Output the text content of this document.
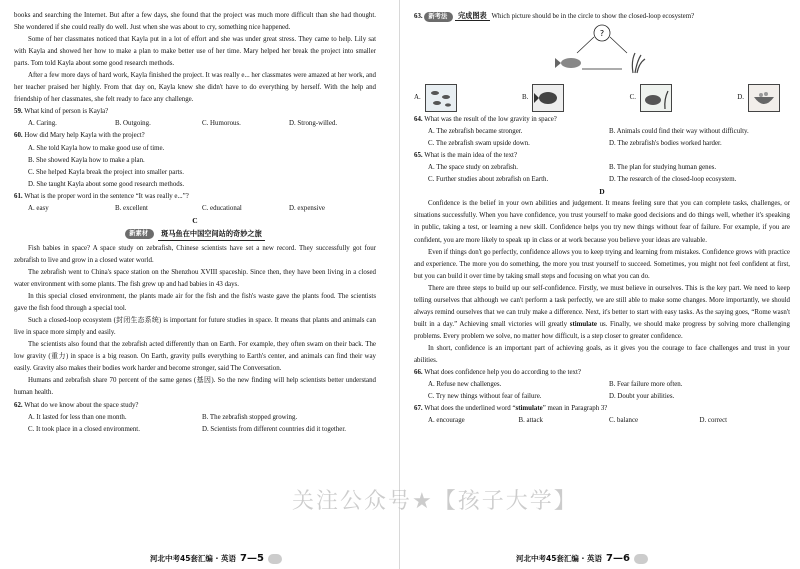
books and searching the Internet. But after a few days, she found that the project was much more difficult than she had thought. She wondered if she could really do well. Just when she was about to cry, something nice happened.

Some of her classmates noticed that Kayla put in a lot of effort and she was under great stress. They came to help. Lily sat with Kayla and showed her how to make a plan to make better use of her time. Mary helped her break the project into smaller parts. Tom told Kayla about some good research methods.

After a few more days of hard work, Kayla finished the project. It was really e... her classmates were amazed at her work, and her teacher praised her highly. From that day on, Kayla knew she didn't have to do everything by herself. With the help and friendship of her classmates, she felt ready to face any challenge.

59. What kind of person is Kayla?

A. Caring.	B. Outgoing.	C. Humorous.	D. Strong-willed.

60. How did Mary help Kayla with the project?

A. She told Kayla how to make good use of time.

B. She showed Kayla how to make a plan.

C. She helped Kayla break the project into smaller parts.

D. She taught Kayla about some good research methods.

61. What is the proper word in the sentence “It was really e...”?

A. easy	B. excellent	C. educational	D. expensive
C
新素材	斑马鱼在中国空间站的奇妙之旅

Fish babies in space? A space study on zebrafish, Chinese scientists have set a new record. They successfully got four zebrafish to live and grow in a closed water world.

The zebrafish went to China's space station on the Shenzhou XVIII spaceship. Since then, they have been living in a closed water environment with some plants. The fish grew up and had babies in 43 days.

In this special closed environment, the plants made air for the fish and the fish's waste gave the plants food. The scientists gave the fish food through a special tool.

Such a closed-loop ecosystem (封闭生态系统) is important for future studies in space. It means that plants and animals can live in space more simply and easily.

The scientists also found that the zebrafish acted differently than on Earth. For example, they often swam on their back. The low gravity (重力) in space is a big reason. On Earth, gravity pulls everything to Earth's center, and animals can find their way easily. Gravity also makes their bodies work harder and become stronger, said The Conversation.

Humans and zebrafish share 70 percent of the same genes (基因). So the new finding will help scientists better understand human health.

62. What do we know about the space study?

A. It lasted for less than one month.	B. The zebrafish stopped growing.
C. It took place in a closed environment.	D. Scientists from different countries did it together.
河北中考45套汇编 · 英语 7—5

63. 新考法 完成图表 Which picture should be in the circle to show the closed-loop ecosystem?

?
A.	B.	C.	D.

64. What was the result of the low gravity in space?

A. The zebrafish became stronger.	B. Animals could find their way without difficulty.
C. The zebrafish swam upside down.	D. The zebrafish's bodies worked harder.

65. What is the main idea of the text?

A. The space study on zebrafish.	B. The plan for studying human genes.
C. Further studies about zebrafish on Earth.	D. The research of the closed-loop ecosystem.
D

Confidence is the belief in your own abilities and judgement. It means feeling sure that you can complete tasks, challenges, or situations successfully. When you have confidence, you trust yourself to make good decisions and do things well, whether it's speaking in public, taking a test, or learning a new skill. Confidence helps you try new things without fear of failure. For example, if you are confident, you are more likely to speak up in class or at work because you believe your ideas are valuable.

Even if things don't go perfectly, confidence allows you to keep trying and learning from mistakes. Confidence grows with practice and experience. The more you do something, the more you trust yourself to succeed. Sometimes, you might not feel confident at first, but you can build it over time by taking small steps and focusing on what you can do.

There are three steps to build up our self-confidence. Firstly, we must believe in ourselves. This is the key part. We need to keep telling ourselves that although we can't perform a task perfectly, we are still able to make some changes. More importantly, we should always remind ourselves that we can truly make a difference. Next, it's better to start with easy tasks. As the saying goes, “Rome wasn't built in a day.” Achieving small victories will greatly stimulate us. Finally, we should make progress by solving more challenging problems. Every problem we solve, no matter how difficult, is a step closer to greater confidence.

In short, confidence is an important part of achieving goals, as it gives you the courage to face challenges and trust in your abilities.

66. What does confidence help you do according to the text?

A. Refuse new challenges.	B. Fear failure more often.
C. Try new things without fear of failure.	D. Doubt your abilities.

67. What does the underlined word “stimulate” mean in Paragraph 3?

A. encourage	B. attack	C. balance	D. correct
河北中考45套汇编 · 英语 7—6
关注公众号★【孩子大学】
